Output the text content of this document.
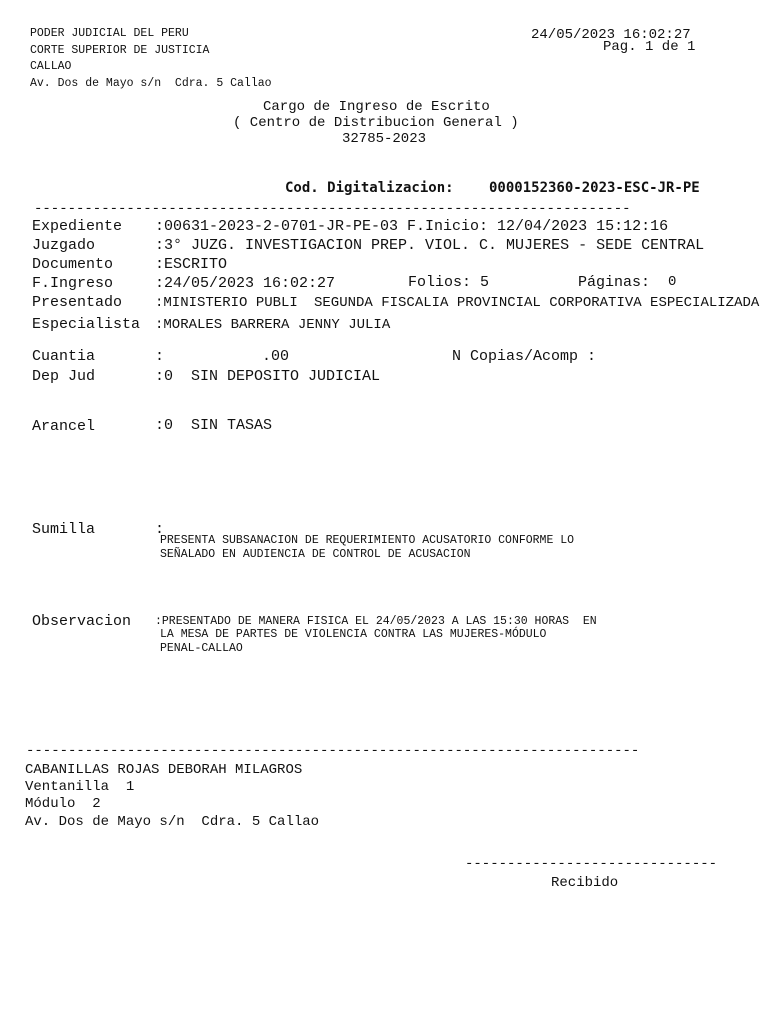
PODER JUDICIAL DEL PERU
CORTE SUPERIOR DE JUSTICIA
CALLAO
Av. Dos de Mayo s/n  Cdra. 5 Callao
24/05/2023 16:02:27
Pag. 1 de 1
Cargo de Ingreso de Escrito
( Centro de Distribucion General )
32785-2023
Cod. Digitalizacion:	0000152360-2023-ESC-JR-PE
-----------------------------------------------------------------------
Expediente :00631-2023-2-0701-JR-PE-03 F.Inicio: 12/04/2023 15:12:16
Juzgado	:3° JUZG. INVESTIGACION PREP. VIOL. C. MUJERES - SEDE CENTRAL
Documento	:ESCRITO
F.Ingreso	:24/05/2023 16:02:27	Folios: 5	Páginas: 0
Presentado :MINISTERIO PUBLI	SEGUNDA FISCALIA PROVINCIAL CORPORATIVA ESPECIALIZADA
Especialista :MORALES BARRERA JENNY JULIA
Cuantia	:	.00	N Copias/Acomp :
Dep Jud	:0  SIN DEPOSITO JUDICIAL
Arancel	:0  SIN TASAS
Sumilla	:
PRESENTA SUBSANACION DE REQUERIMIENTO ACUSATORIO CONFORME LO
SEÑALADO EN AUDIENCIA DE CONTROL DE ACUSACION
Observacion :PRESENTADO DE MANERA FISICA EL 24/05/2023 A LAS 15:30 HORAS  EN
LA MESA DE PARTES DE VIOLENCIA CONTRA LAS MUJERES-MÓDULO
PENAL-CALLAO
-------------------------------------------------------------------------
CABANILLAS ROJAS DEBORAH MILAGROS
Ventanilla  1
Módulo  2
Av. Dos de Mayo s/n  Cdra. 5 Callao
------------------------------
Recibido
